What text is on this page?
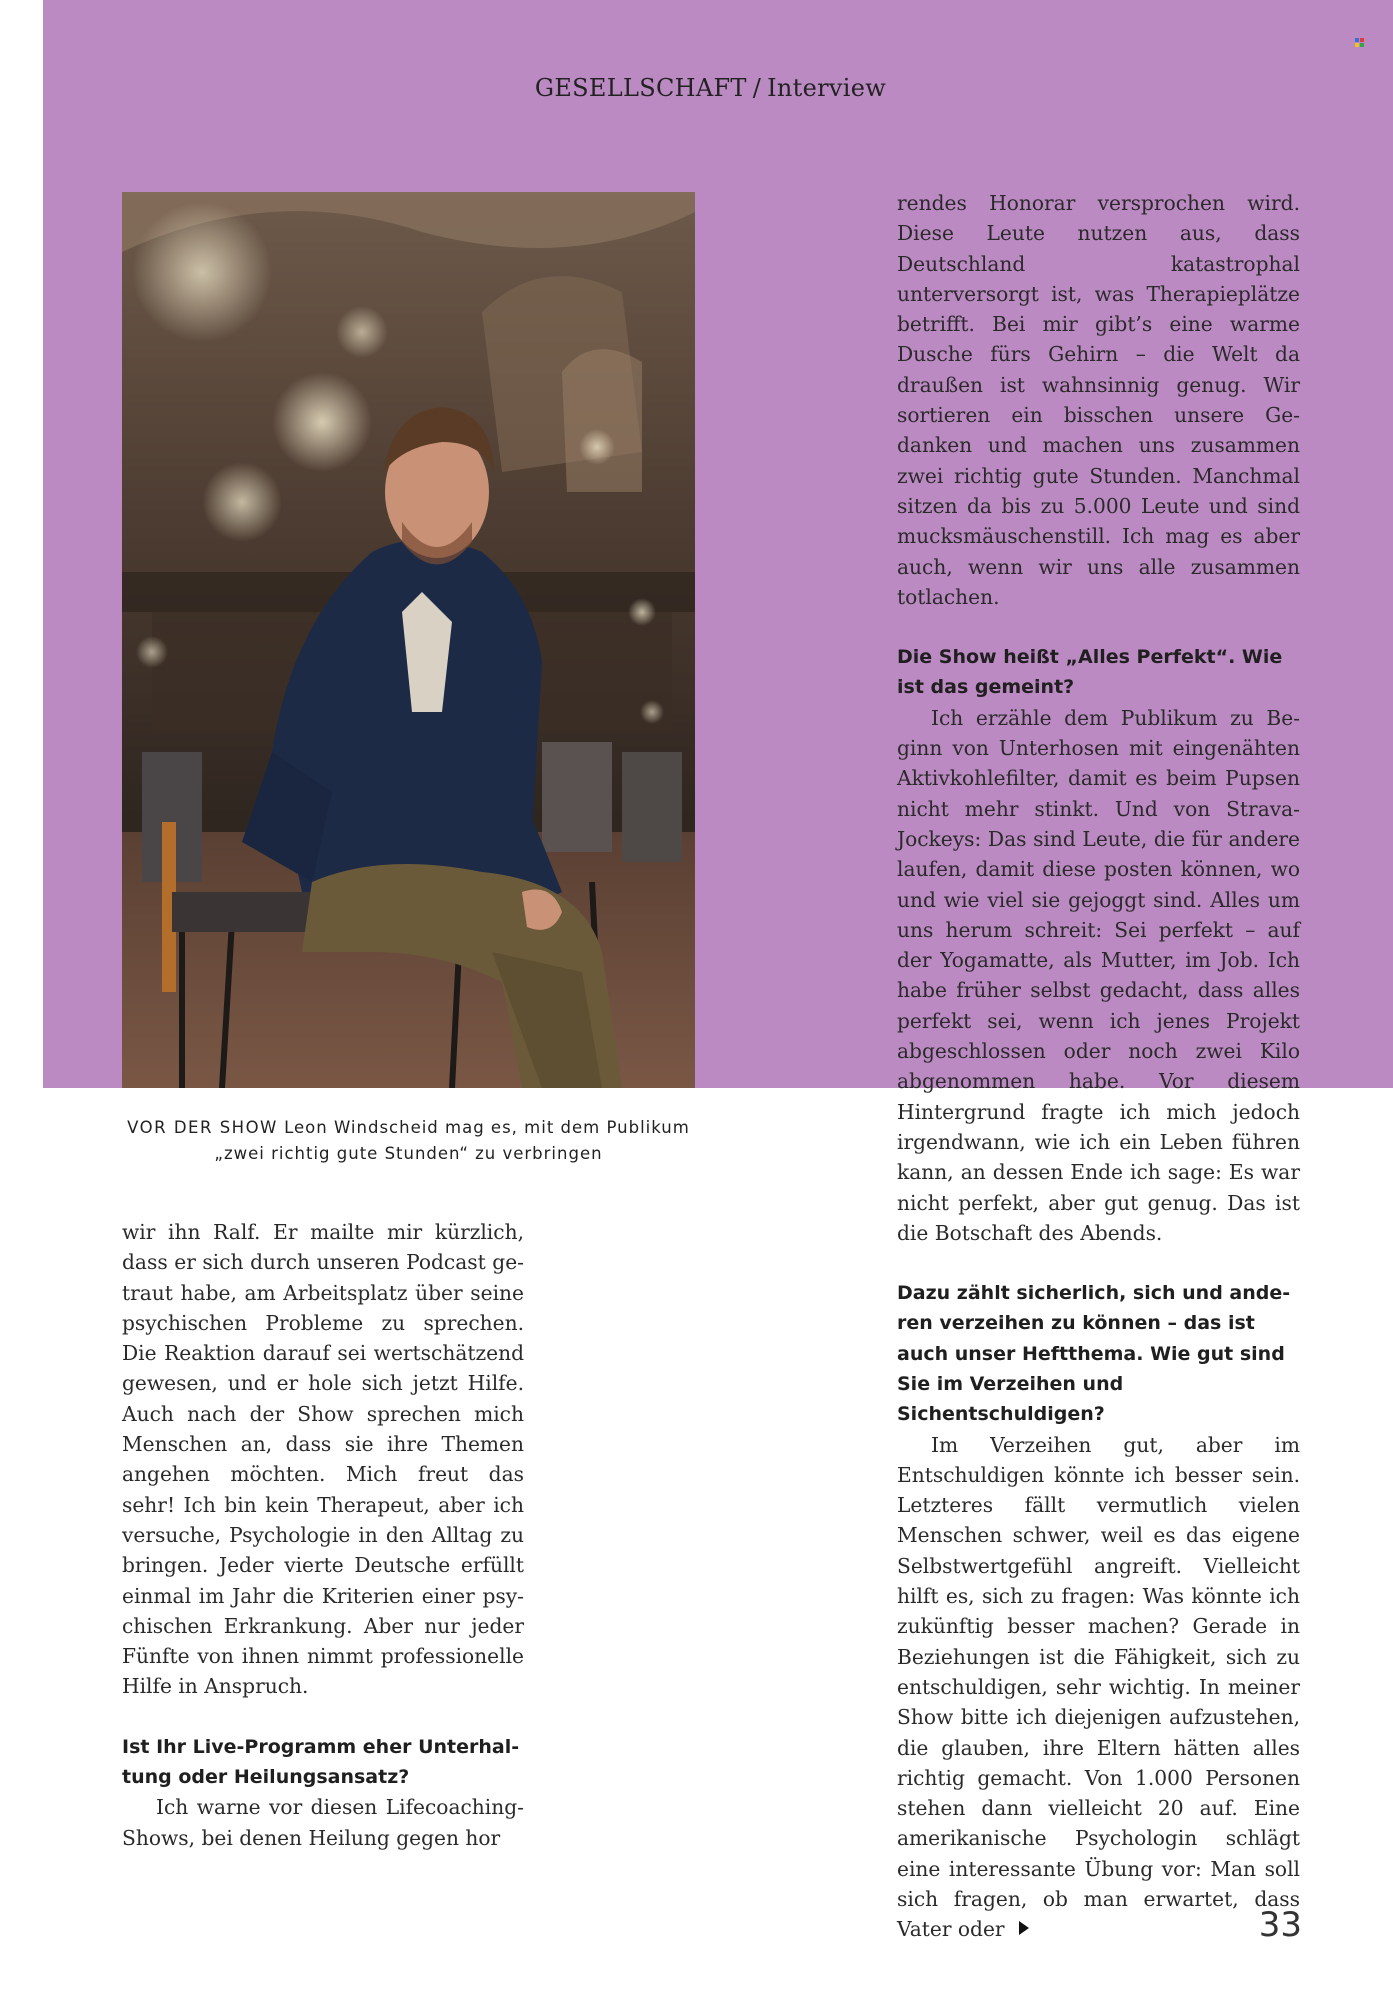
GESELLSCHAFT / Interview
VOR DER SHOW Leon Windscheid mag es, mit dem Publikum
„zwei richtig gute Stunden“ zu verbringen

wir ihn Ralf. Er mailte mir kürzlich, dass er sich durch unseren Podcast getraut habe, am Arbeitsplatz über seine psychischen Probleme zu sprechen. Die Reaktion darauf sei wertschätzend gewesen, und er hole sich jetzt Hilfe. Auch nach der Show sprechen mich Menschen an, dass sie ihre Themen angehen möchten. Mich freut das sehr! Ich bin kein Therapeut, aber ich versuche, Psychologie in den Alltag zu bringen. Jeder vierte Deutsche erfüllt einmal im Jahr die Kriterien einer psychischen Erkrankung. Aber nur jeder Fünfte von ihnen nimmt professionelle Hilfe in Anspruch.

Ist Ihr Live-Programm eher Unterhaltung oder Heilungsansatz?

Ich warne vor diesen Lifecoaching-Shows, bei denen Heilung gegen hor

rendes Honorar versprochen wird. Diese Leute nutzen aus, dass Deutschland katastrophal unterversorgt ist, was Therapieplätze betrifft. Bei mir gibt’s eine warme Dusche fürs Gehirn – die Welt da draußen ist wahnsinnig genug. Wir sortieren ein bisschen unsere Gedanken und machen uns zusammen zwei richtig gute Stunden. Manchmal sitzen da bis zu 5.000 Leute und sind mucksmäuschenstill. Ich mag es aber auch, wenn wir uns alle zusammen totlachen.

Die Show heißt „Alles Perfekt“. Wie ist das gemeint?

Ich erzähle dem Publikum zu Beginn von Unterhosen mit eingenähten Aktivkohlefilter, damit es beim Pupsen nicht mehr stinkt. Und von Strava-Jockeys: Das sind Leute, die für andere laufen, damit diese posten können, wo und wie viel sie gejoggt sind. Alles um uns herum schreit: Sei perfekt – auf der Yogamatte, als Mutter, im Job. Ich habe früher selbst gedacht, dass alles perfekt sei, wenn ich jenes Projekt abgeschlossen oder noch zwei Kilo abgenommen habe. Vor diesem Hintergrund fragte ich mich jedoch irgendwann, wie ich ein Leben führen kann, an dessen Ende ich sage: Es war nicht perfekt, aber gut genug. Das ist die Botschaft des Abends.

Dazu zählt sicherlich, sich und anderen verzeihen zu können – das ist auch unser Heftthema. Wie gut sind Sie im Verzeihen und Sichentschuldigen?

Im Verzeihen gut, aber im Entschuldigen könnte ich besser sein. Letzteres fällt vermutlich vielen Menschen schwer, weil es das eigene Selbstwertgefühl angreift. Vielleicht hilft es, sich zu fragen: Was könnte ich zukünftig besser machen? Gerade in Beziehungen ist die Fähigkeit, sich zu entschuldigen, sehr wichtig. In meiner Show bitte ich diejenigen aufzustehen, die glauben, ihre Eltern hätten alles richtig gemacht. Von 1.000 Personen stehen dann vielleicht 20 auf. Eine amerikanische Psychologin schlägt eine interessante Übung vor: Man soll sich fragen, ob man erwartet, dass Vater oder	33
